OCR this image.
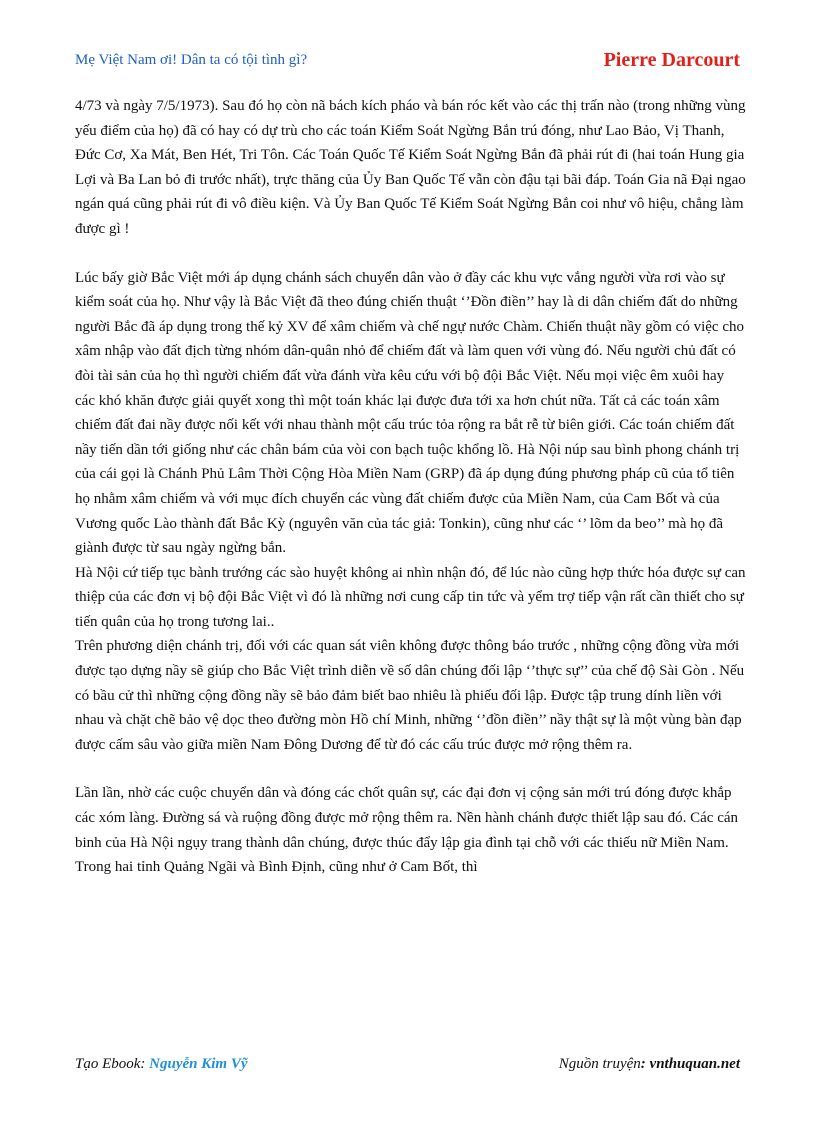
Mẹ Việt Nam ơi! Dân ta có tội tình gì?	Pierre Darcourt

4/73 và ngày 7/5/1973). Sau đó họ còn nã bách kích pháo và bán róc kết vào các thị trấn nào (trong những vùng yếu điểm của họ) đã có hay có dự trù cho các toán Kiểm Soát Ngừng Bắn trú đóng, như Lao Bảo, Vị Thanh, Đức Cơ, Xa Mát, Ben Hét, Tri Tôn. Các Toán Quốc Tế Kiểm Soát Ngừng Bắn đã phải rút đi (hai toán Hung gia Lợi và Ba Lan bỏ đi trước nhất), trực thăng của Ủy Ban Quốc Tế vẫn còn đậu tại bãi đáp. Toán Gia nã Đại ngao ngán quá cũng phải rút đi vô điều kiện. Và Ủy Ban Quốc Tế Kiểm Soát Ngừng Bắn coi như vô hiệu, chẳng làm được gì !

Lúc bấy giờ Bắc Việt mới áp dụng chánh sách chuyển dân vào ở đầy các khu vực vắng người vừa rơi vào sự kiểm soát của họ. Như vậy là Bắc Việt đã theo đúng chiến thuật ‘’Đồn điền’’ hay là di dân chiếm đất do những người Bắc đã áp dụng trong thế kỷ XV để xâm chiếm và chế ngự nước Chàm. Chiến thuật nầy gồm có việc cho xâm nhập vào đất địch từng nhóm dân-quân nhỏ để chiếm đất và làm quen với vùng đó. Nếu người chủ đất có đòi tài sản của họ thì người chiếm đất vừa đánh vừa kêu cứu với bộ đội Bắc Việt. Nếu mọi việc êm xuôi hay các khó khăn được giải quyết xong thì một toán khác lại được đưa tới xa hơn chút nữa. Tất cả các toán xâm chiếm đất đai nầy được nối kết với nhau thành một cấu trúc tỏa rộng ra bắt rễ từ biên giới. Các toán chiếm đất nầy tiến dần tới giống như các chân bám của vòi con bạch tuộc khổng lồ. Hà Nội núp sau bình phong chánh trị của cái gọi là Chánh Phủ Lâm Thời Cộng Hòa Miền Nam (GRP) đã áp dụng đúng phương pháp cũ của tổ tiên họ nhằm xâm chiếm và với mục đích chuyển các vùng đất chiếm được của Miền Nam, của Cam Bốt và của Vương quốc Lào thành đất Bắc Kỳ (nguyên văn của tác giả: Tonkin), cũng như các ‘’ lõm da beo’’ mà họ đã giành được từ sau ngày ngừng bắn.

Hà Nội cứ tiếp tục bành trướng các sào huyệt không ai nhìn nhận đó, để lúc nào cũng hợp thức hóa được sự can thiệp của các đơn vị bộ đội Bắc Việt vì đó là những nơi cung cấp tin tức và yểm trợ tiếp vận rất cần thiết cho sự tiến quân của họ trong tương lai..

Trên phương diện chánh trị, đối với các quan sát viên không được thông báo trước , những cộng đồng vừa mới được tạo dựng nầy sẽ giúp cho Bắc Việt trình diễn về số dân chúng đối lập ‘’thực sự’’ của chế độ Sài Gòn . Nếu có bầu cử thì những cộng đồng nầy sẽ bảo đảm biết bao nhiêu là phiếu đối lập. Được tập trung dính liền với nhau và chặt chẽ bảo vệ dọc theo đường mòn Hồ chí Minh, những ‘’đồn điền’’ nầy thật sự là một vùng bàn đạp được cấm sâu vào giữa miền Nam Đông Dương để từ đó các cấu trúc được mở rộng thêm ra.

Lần lần, nhờ các cuộc chuyển dân và đóng các chốt quân sự, các đại đơn vị cộng sản mới trú đóng được khắp các xóm làng. Đường sá và ruộng đồng được mở rộng thêm ra. Nền hành chánh được thiết lập sau đó. Các cán binh của Hà Nội ngụy trang thành dân chúng, được thúc đẩy lập gia đình tại chỗ với các thiếu nữ Miền Nam. Trong hai tỉnh Quảng Ngãi và Bình Định, cũng như ở Cam Bốt, thì

Tạo Ebook: Nguyễn Kim Vỹ	Nguồn truyện: vnthuquan.net
